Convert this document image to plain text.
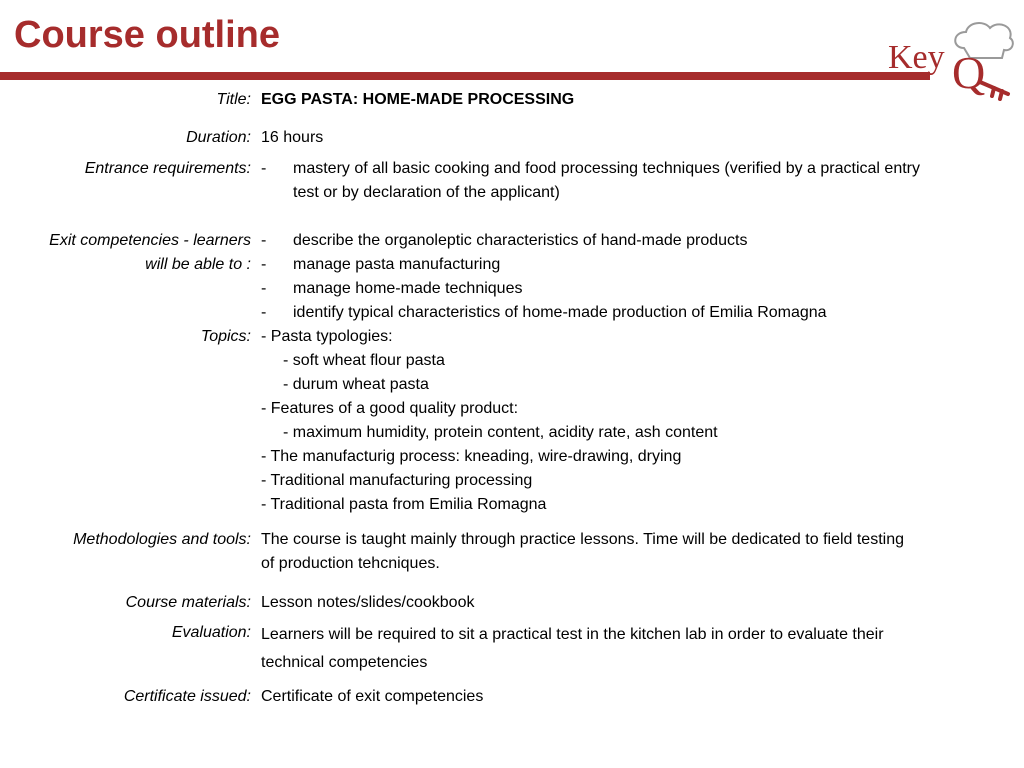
Course outline
Key Q
Title: EGG PASTA: HOME-MADE PROCESSING
Duration: 16 hours
Entrance requirements: - mastery of all basic cooking and food processing techniques (verified by a practical entry test or by declaration of the applicant)
Exit competencies - learners
will be able to :
- describe the organoleptic characteristics of hand-made products
- manage pasta manufacturing
- manage home-made techniques
- identify typical characteristics of home-made production of Emilia Romagna
Topics: - Pasta typologies:
- soft wheat flour pasta
- durum wheat pasta
- Features of a good quality product:
- maximum humidity, protein content, acidity rate, ash content
- The manufacturig process: kneading, wire-drawing, drying
- Traditional manufacturing processing
- Traditional pasta from Emilia Romagna
Methodologies and tools: The course is taught mainly through practice lessons. Time will be dedicated to field testing of production tehcniques.
Course materials: Lesson notes/slides/cookbook
Evaluation: Learners will be required to sit a practical test in the kitchen lab in order to evaluate their technical competencies
Certificate issued: Certificate of exit competencies
